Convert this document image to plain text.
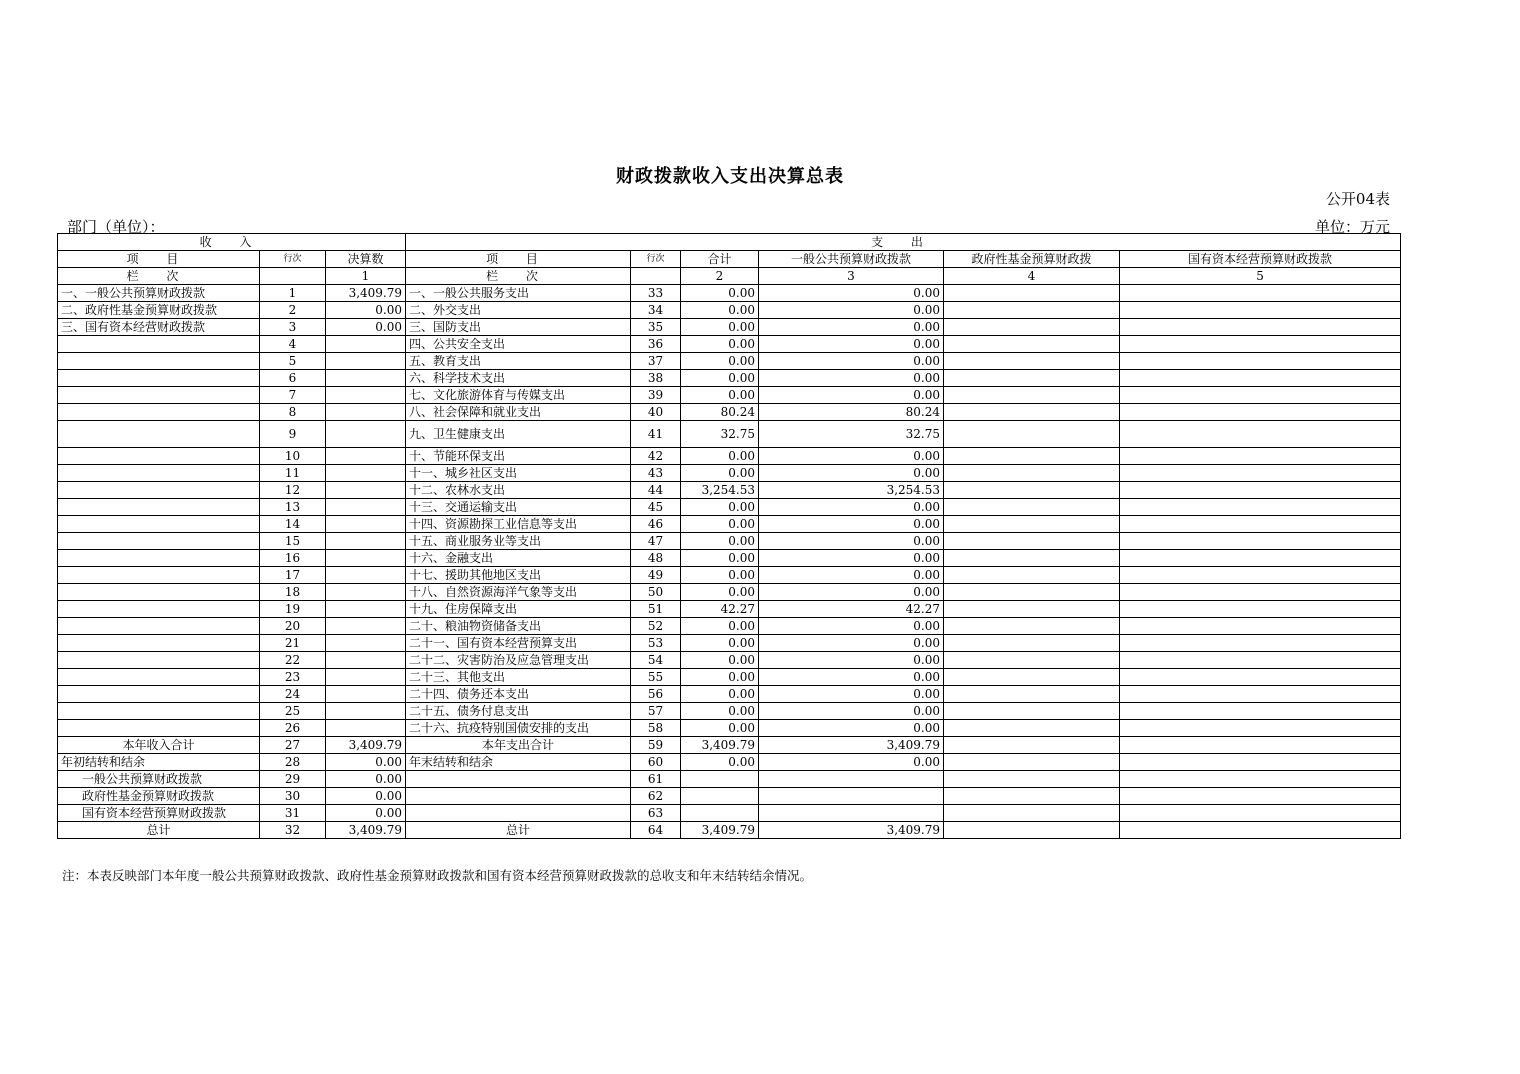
财政拨款收入支出决算总表
公开04表
部门（单位）：	单位：万元
收 入			支 出					
项 目	行次	决算数	项 目	行次	合计	一般公共预算财政拨款	政府性基金预算财政拨	国有资本经营预算财政拨款
栏 次		1	栏 次		2	3	4	5
一、一般公共预算财政拨款	1	3,409.79	一、一般公共服务支出	33	0.00	0.00		
二、政府性基金预算财政拨款	2	0.00	二、外交支出	34	0.00	0.00		
三、国有资本经营财政拨款	3	0.00	三、国防支出	35	0.00	0.00		
	4		四、公共安全支出	36	0.00	0.00		
	5		五、教育支出	37	0.00	0.00		
	6		六、科学技术支出	38	0.00	0.00		
	7		七、文化旅游体育与传媒支出	39	0.00	0.00		
	8		八、社会保障和就业支出	40	80.24	80.24		
	9		九、卫生健康支出	41	32.75	32.75		
	10		十、节能环保支出	42	0.00	0.00		
	11		十一、城乡社区支出	43	0.00	0.00		
	12		十二、农林水支出	44	3,254.53	3,254.53		
	13		十三、交通运输支出	45	0.00	0.00		
	14		十四、资源勘探工业信息等支出	46	0.00	0.00		
	15		十五、商业服务业等支出	47	0.00	0.00		
	16		十六、金融支出	48	0.00	0.00		
	17		十七、援助其他地区支出	49	0.00	0.00		
	18		十八、自然资源海洋气象等支出	50	0.00	0.00		
	19		十九、住房保障支出	51	42.27	42.27		
	20		二十、粮油物资储备支出	52	0.00	0.00		
	21		二十一、国有资本经营预算支出	53	0.00	0.00		
	22		二十二、灾害防治及应急管理支出	54	0.00	0.00		
	23		二十三、其他支出	55	0.00	0.00		
	24		二十四、债务还本支出	56	0.00	0.00		
	25		二十五、债务付息支出	57	0.00	0.00		
	26		二十六、抗疫特别国债安排的支出	58	0.00	0.00		
本年收入合计	27	3,409.79	本年支出合计	59	3,409.79	3,409.79		
年初结转和结余	28	0.00	年末结转和结余	60	0.00	0.00		
一般公共预算财政拨款	29	0.00		61				
政府性基金预算财政拨款	30	0.00		62				
国有资本经营预算财政拨款	31	0.00		63				
总计	32	3,409.79	总计	64	3,409.79	3,409.79		
注：本表反映部门本年度一般公共预算财政拨款、政府性基金预算财政拨款和国有资本经营预算财政拨款的总收支和年末结转结余情况。
